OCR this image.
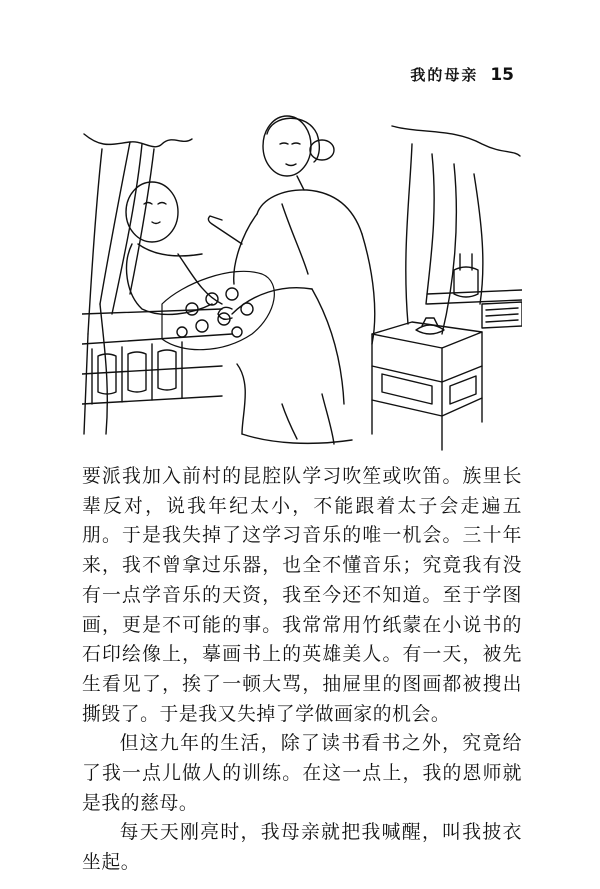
我的母亲 15

要派我加入前村的昆腔队学习吹笙或吹笛。族里长辈反对，说我年纪太小，不能跟着太子会走遍五朋。于是我失掉了这学习音乐的唯一机会。三十年来，我不曾拿过乐器，也全不懂音乐；究竟我有没有一点学音乐的天资，我至今还不知道。至于学图画，更是不可能的事。我常常用竹纸蒙在小说书的石印绘像上，摹画书上的英雄美人。有一天，被先生看见了，挨了一顿大骂，抽屉里的图画都被搜出撕毁了。于是我又失掉了学做画家的机会。

但这九年的生活，除了读书看书之外，究竟给了我一点儿做人的训练。在这一点上，我的恩师就是我的慈母。

每天天刚亮时，我母亲就把我喊醒，叫我披衣坐起。
